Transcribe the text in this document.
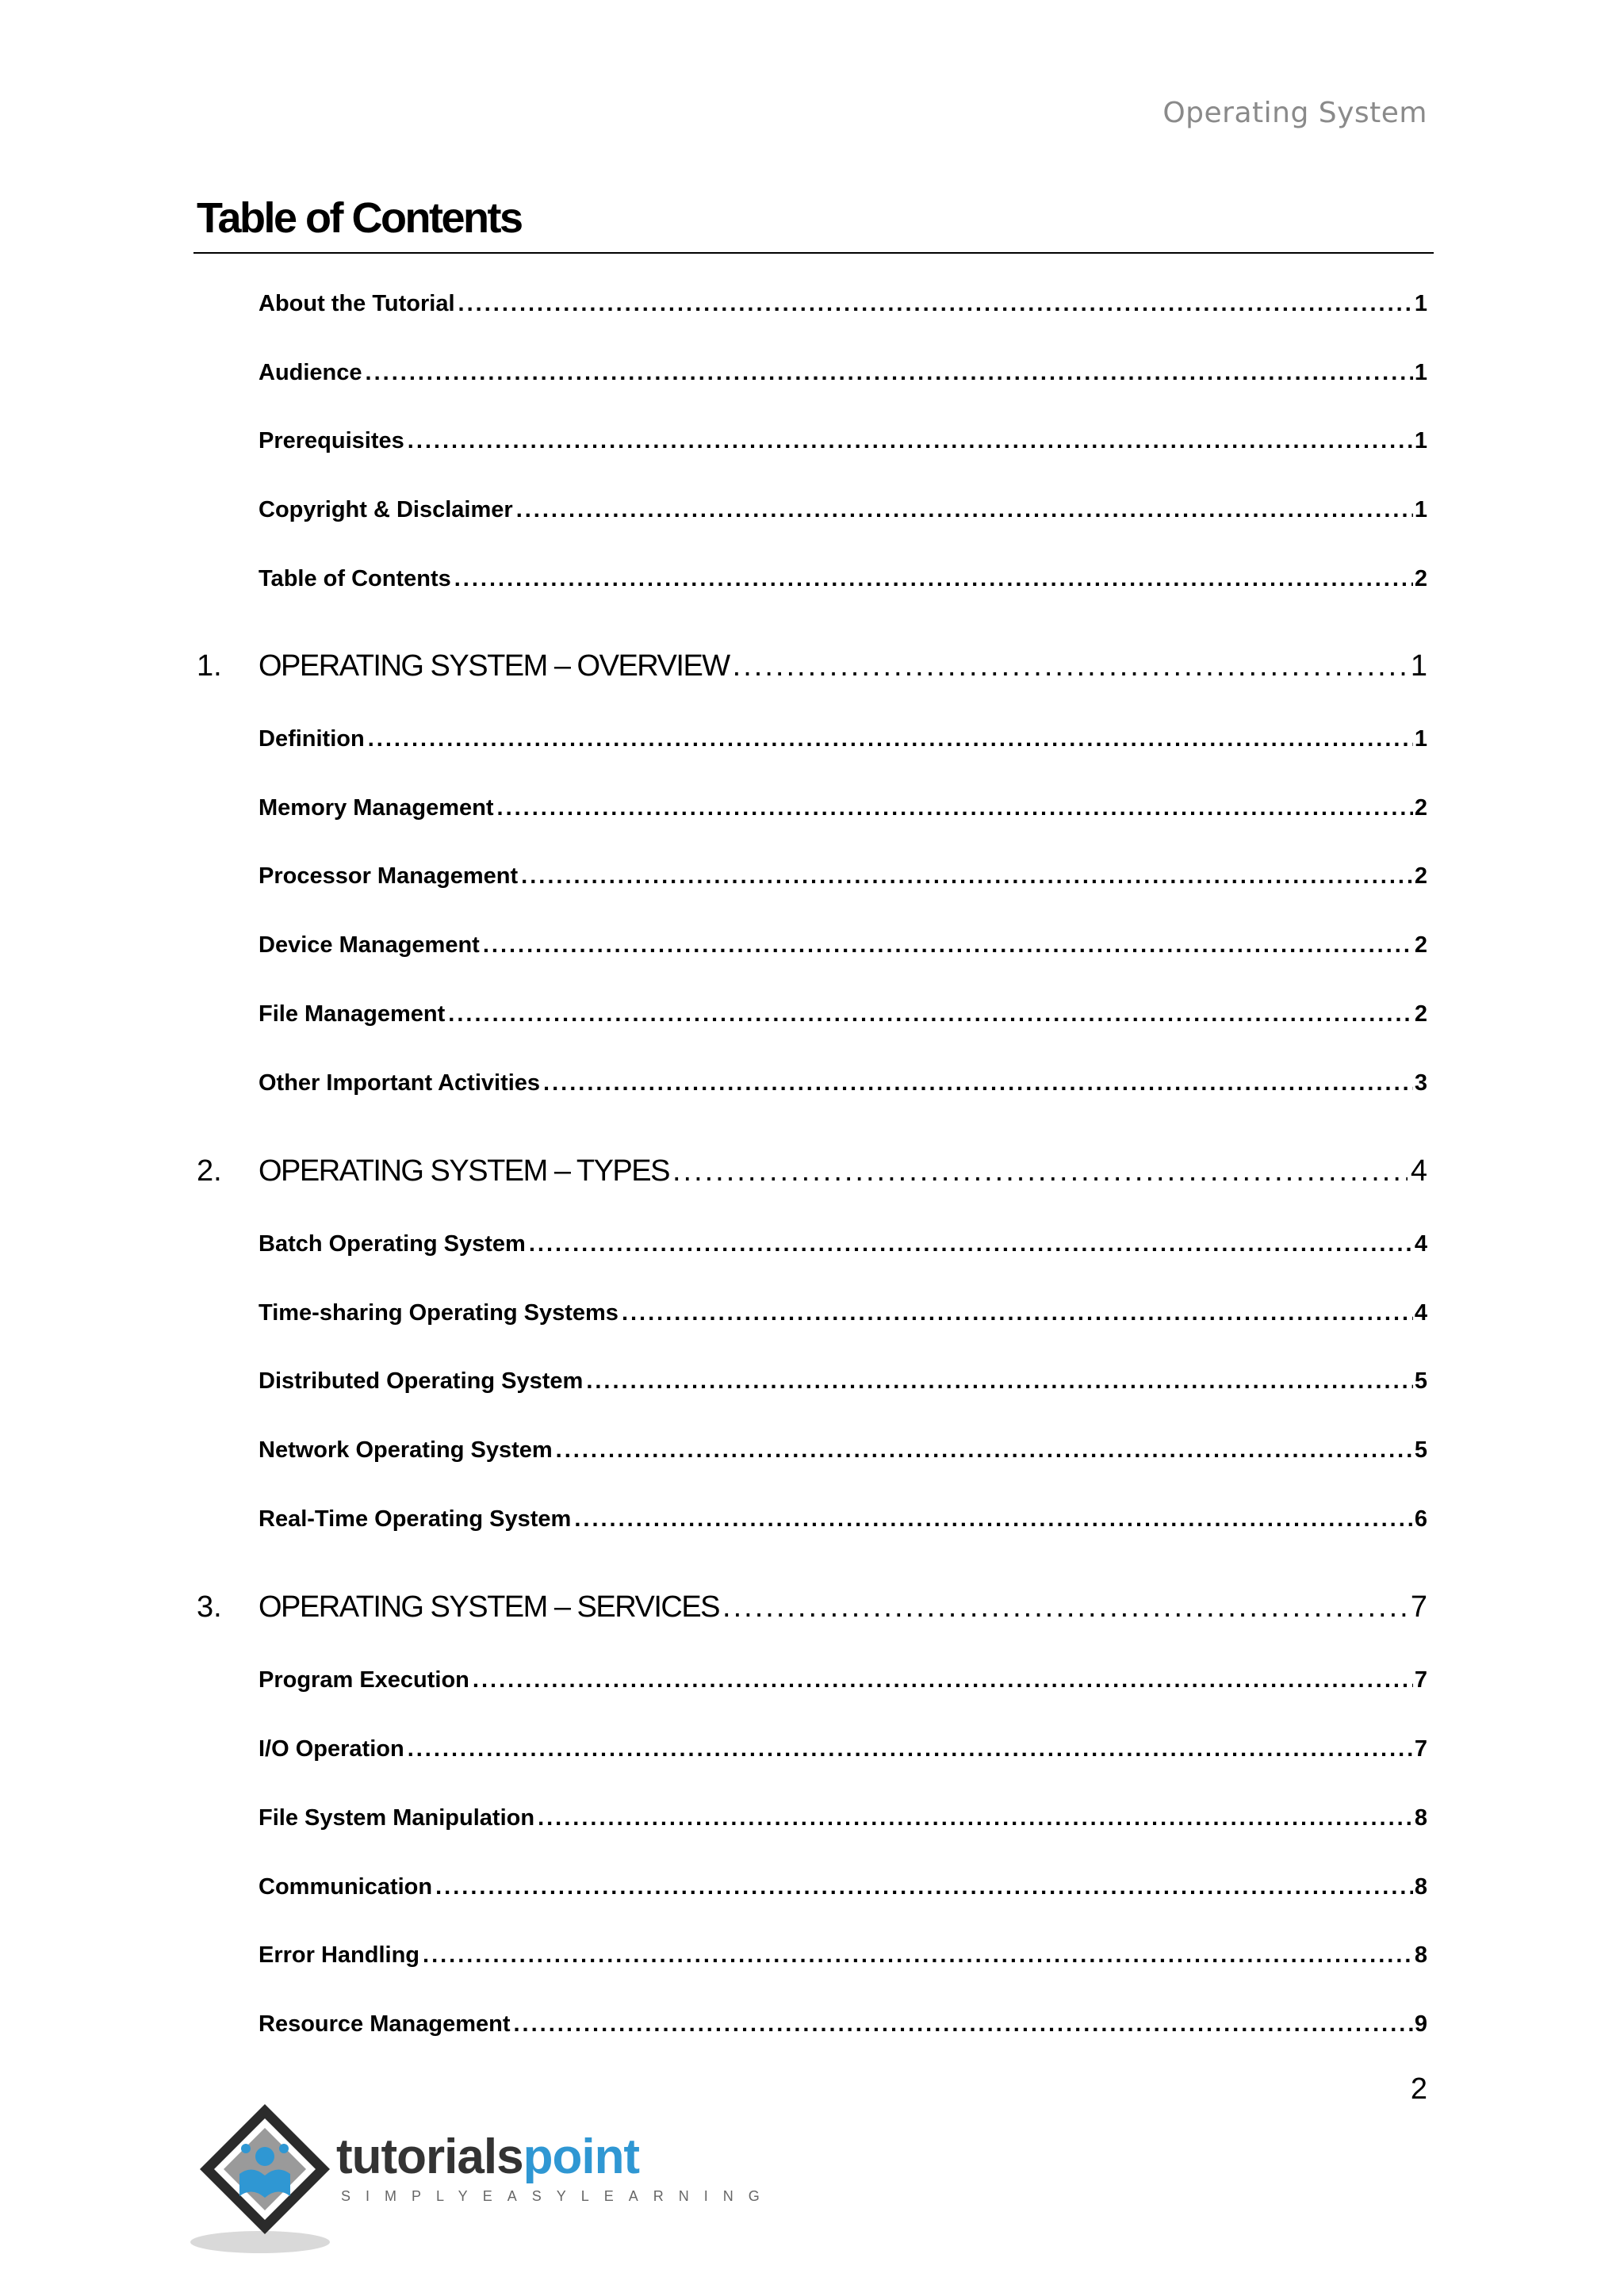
Operating System
Table of Contents
About the Tutorial .....	1
Audience .....	1
Prerequisites .....	1
Copyright & Disclaimer .....	1
Table of Contents .....	2
1.	OPERATING SYSTEM – OVERVIEW .....	1
Definition .....	1
Memory Management .....	2
Processor Management .....	2
Device Management .....	2
File Management .....	2
Other Important Activities .....	3
2.	OPERATING SYSTEM – TYPES .....	4
Batch Operating System .....	4
Time-sharing Operating Systems .....	4
Distributed Operating System .....	5
Network Operating System .....	5
Real-Time Operating System .....	6
3.	OPERATING SYSTEM – SERVICES .....	7
Program Execution .....	7
I/O Operation .....	7
File System Manipulation .....	8
Communication .....	8
Error Handling .....	8
Resource Management .....	9
2
tutorialspoint
SIMPLYEASYLEARNING
